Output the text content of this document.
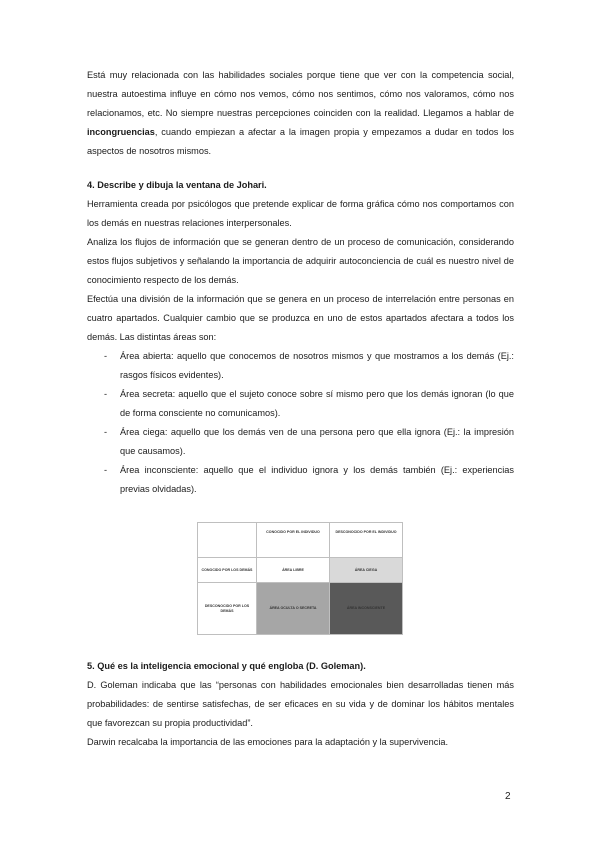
Está muy relacionada con las habilidades sociales porque tiene que ver con la competencia social, nuestra autoestima influye en cómo nos vemos, cómo nos sentimos, cómo nos valoramos, cómo nos relacionamos, etc. No siempre nuestras percepciones coinciden con la realidad. Llegamos a hablar de incongruencias, cuando empiezan a afectar a la imagen propia y empezamos a dudar en todos los aspectos de nosotros mismos.

4. Describe y dibuja la ventana de Johari.

Herramienta creada por psicólogos que pretende explicar de forma gráfica cómo nos comportamos con los demás en nuestras relaciones interpersonales.

Analiza los flujos de información que se generan dentro de un proceso de comunicación, considerando estos flujos subjetivos y señalando la importancia de adquirir autoconciencia de cuál es nuestro nivel de conocimiento respecto de los demás.

Efectúa una división de la información que se genera en un proceso de interrelación entre personas en cuatro apartados. Cualquier cambio que se produzca en uno de estos apartados afectara a todos los demás. Las distintas áreas son:

- Área abierta: aquello que conocemos de nosotros mismos y que mostramos a los demás (Ej.: rasgos físicos evidentes).
- Área secreta: aquello que el sujeto conoce sobre sí mismo pero que los demás ignoran (lo que de forma consciente no comunicamos).
- Área ciega: aquello que los demás ven de una persona pero que ella ignora (Ej.: la impresión que causamos).
- Área inconsciente: aquello que el individuo ignora y los demás también (Ej.: experiencias previas olvidadas).
	CONOCIDO POR EL INDIVIDUO	DESCONOCIDO POR EL INDIVIDUO
CONOCIDO POR LOS DEMÁS	ÁREA LIBRE	ÁREA CIEGA
DESCONOCIDO POR LOS DEMÁS	ÁREA OCULTA O SECRETA	ÁREA INCONSCIENTE

5. Qué es la inteligencia emocional y qué engloba (D. Goleman).

D. Goleman indicaba que las “personas con habilidades emocionales bien desarrolladas tienen más probabilidades: de sentirse satisfechas, de ser eficaces en su vida y de dominar los hábitos mentales que favorezcan su propia productividad”.

Darwin recalcaba la importancia de las emociones para la adaptación y la supervivencia.

2
